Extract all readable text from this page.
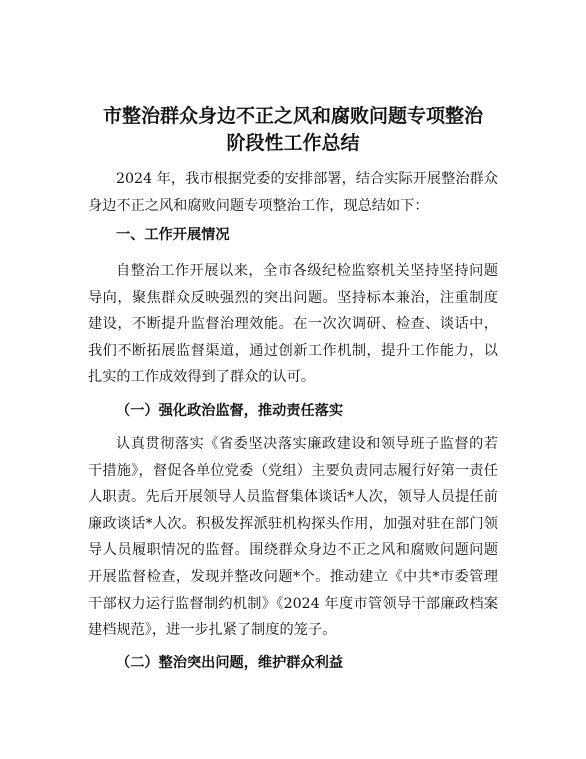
市整治群众身边不正之风和腐败问题专项整治
阶段性工作总结

2024 年，我市根据党委的安排部署，结合实际开展整治群众身边不正之风和腐败问题专项整治工作，现总结如下：

一、工作开展情况

自整治工作开展以来，全市各级纪检监察机关坚持坚持问题导向，聚焦群众反映强烈的突出问题。坚持标本兼治，注重制度建设，不断提升监督治理效能。在一次次调研、检查、谈话中，我们不断拓展监督渠道，通过创新工作机制，提升工作能力，以扎实的工作成效得到了群众的认可。

（一）强化政治监督，推动责任落实

认真贯彻落实《省委坚决落实廉政建设和领导班子监督的若干措施》，督促各单位党委（党组）主要负责同志履行好第一责任人职责。先后开展领导人员监督集体谈话*人次，领导人员提任前廉政谈话*人次。积极发挥派驻机构探头作用，加强对驻在部门领导人员履职情况的监督。围绕群众身边不正之风和腐败问题问题开展监督检查，发现并整改问题*个。推动建立《中共*市委管理干部权力运行监督制约机制》《2024 年度市管领导干部廉政档案建档规范》，进一步扎紧了制度的笼子。

（二）整治突出问题，维护群众利益
